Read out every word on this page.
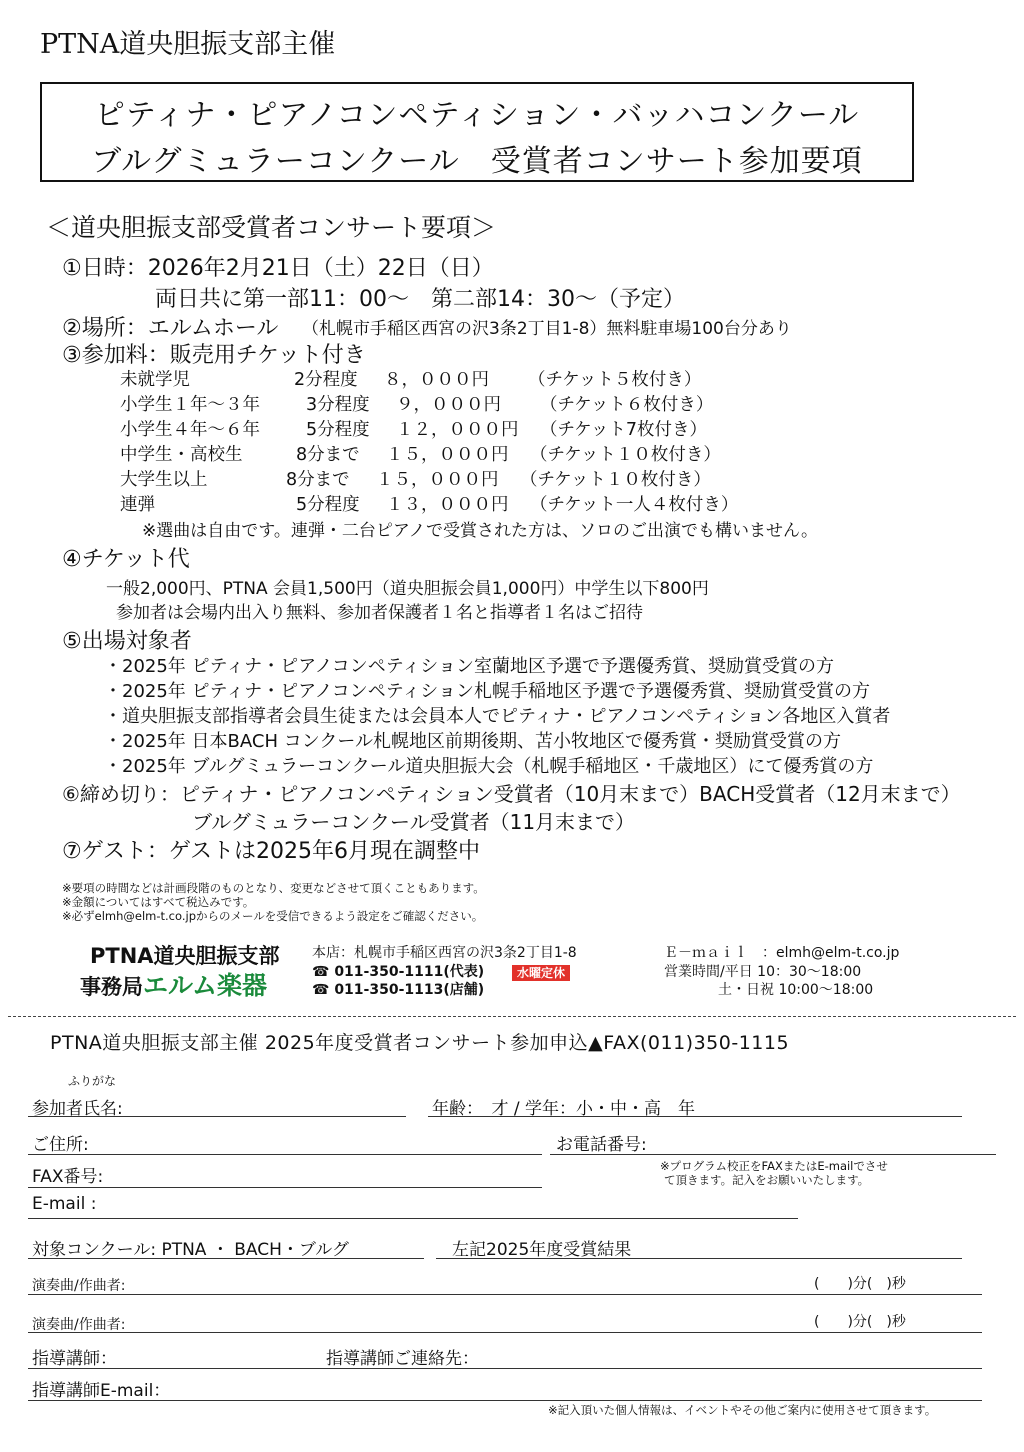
PTNA道央胆振支部主催
ピティナ・ピアノコンペティション・バッハコンクール
ブルグミュラーコンクール　受賞者コンサート参加要項
＜道央胆振支部受賞者コンサート要項＞
①日時：2026年2月21日（土）22日（日）
両日共に第一部11：00～　第二部14：30～（予定）
②場所：エルムホール （札幌市手稲区西宮の沢3条2丁目1-8）無料駐車場100台分あり
③参加料：販売用チケット付き
未就学児	2分程度 ８，０００円 （チケット５枚付き）
小学生１年～３年	3分程度 ９，０００円 （チケット６枚付き）
小学生４年～６年	5分程度 １２，０００円 （チケット7枚付き）
中学生・高校生	8分まで １５，０００円 （チケット１０枚付き）
大学生以上	8分まで １５，０００円 （チケット１０枚付き）
連弾	5分程度 １３，０００円 （チケット一人４枚付き）
※選曲は自由です。連弾・二台ピアノで受賞された方は、ソロのご出演でも構いません。
④チケット代
一般2,000円、PTNA 会員1,500円（道央胆振会員1,000円）中学生以下800円
参加者は会場内出入り無料、参加者保護者１名と指導者１名はご招待
⑤出場対象者
・2025年 ピティナ・ピアノコンペティション室蘭地区予選で予選優秀賞、奨励賞受賞の方
・2025年 ピティナ・ピアノコンペティション札幌手稲地区予選で予選優秀賞、奨励賞受賞の方
・道央胆振支部指導者会員生徒または会員本人でピティナ・ピアノコンペティション各地区入賞者
・2025年 日本BACH コンクール札幌地区前期後期、苫小牧地区で優秀賞・奨励賞受賞の方
・2025年 ブルグミュラーコンクール道央胆振大会（札幌手稲地区・千歳地区）にて優秀賞の方
⑥締め切り：ピティナ・ピアノコンペティション受賞者（10月末まで）BACH受賞者（12月末まで）
ブルグミュラーコンクール受賞者（11月末まで）
⑦ゲスト：ゲストは2025年6月現在調整中
※要項の時間などは計画段階のものとなり、変更などさせて頂くこともあります。
※金額についてはすべて税込みです。
※必ずelmh@elm-t.co.jpからのメールを受信できるよう設定をご確認ください。
PTNA道央胆振支部
事務局エルム楽器
本店：札幌市手稲区西宮の沢3条2丁目1-8
☎ 011-350-1111(代表)	水曜定休
☎ 011-350-1113(店舗)
Ｅ－ｍａｉｌ　：elmh@elm-t.co.jp
営業時間/平日 10：30～18:00
土・日祝 10:00～18:00
PTNA道央胆振支部主催 2025年度受賞者コンサート参加申込▲FAX(011)350-1115
ふりがな
参加者氏名:	年齢：　才 / 学年：小・中・高　年
ご住所:	お電話番号:
FAX番号:
※プログラム校正をFAXまたはE-mailでさせ
て頂きます。記入をお願いいたします。
E-mail :
対象コンクール: PTNA ・ BACH・ブルグ	左記2025年度受賞結果
演奏曲/作曲者:	(　　)分(　)秒
演奏曲/作曲者:	(　　)分(　)秒
指導講師：	指導講師ご連絡先：
指導講師E-mail：
※記入頂いた個人情報は、イベントやその他ご案内に使用させて頂きます。
